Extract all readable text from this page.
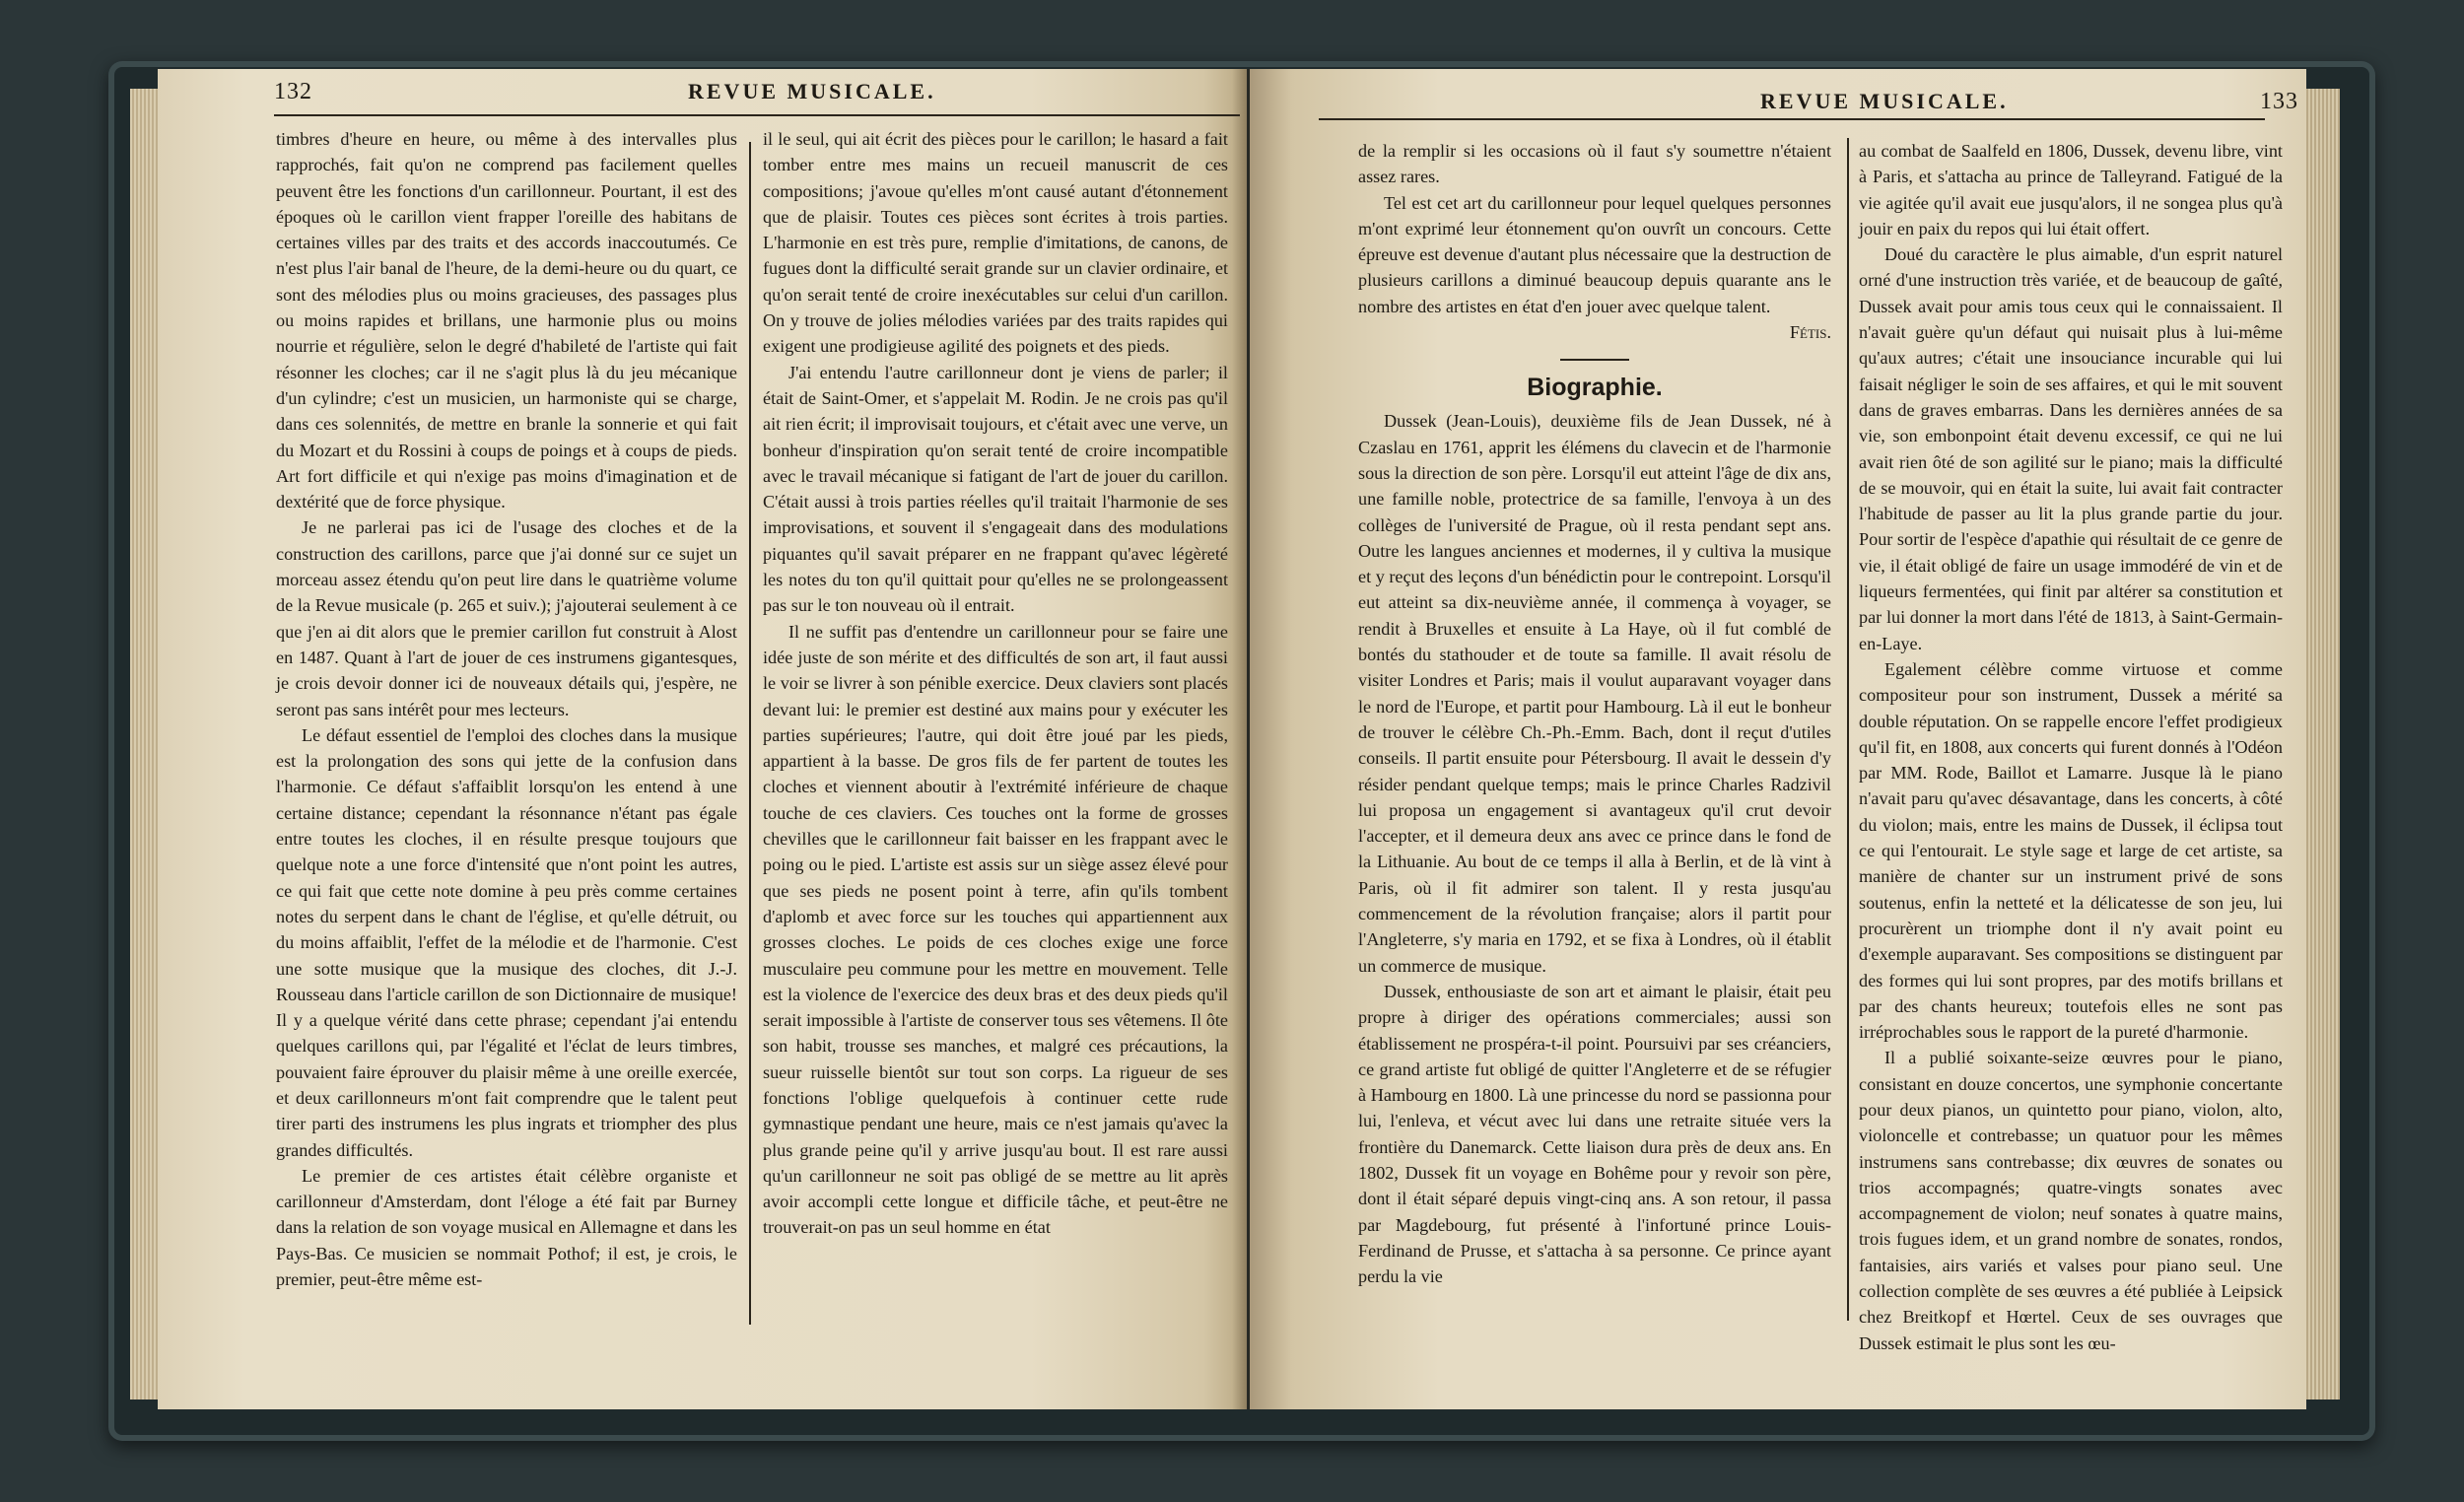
132	REVUE MUSICALE.

timbres d'heure en heure, ou même à des intervalles plus rapprochés, fait qu'on ne comprend pas facilement quelles peuvent être les fonctions d'un carillonneur. Pourtant, il est des époques où le carillon vient frapper l'oreille des habitans de certaines villes par des traits et des accords inaccoutumés. Ce n'est plus l'air banal de l'heure, de la demi-heure ou du quart, ce sont des mélodies plus ou moins gracieuses, des passages plus ou moins rapides et brillans, une harmonie plus ou moins nourrie et régulière, selon le degré d'habileté de l'artiste qui fait résonner les cloches; car il ne s'agit plus là du jeu mécanique d'un cylindre; c'est un musicien, un harmoniste qui se charge, dans ces solennités, de mettre en branle la sonnerie et qui fait du Mozart et du Rossini à coups de poings et à coups de pieds. Art fort difficile et qui n'exige pas moins d'imagination et de dextérité que de force physique.

Je ne parlerai pas ici de l'usage des cloches et de la construction des carillons, parce que j'ai donné sur ce sujet un morceau assez étendu qu'on peut lire dans le quatrième volume de la Revue musicale (p. 265 et suiv.); j'ajouterai seulement à ce que j'en ai dit alors que le premier carillon fut construit à Alost en 1487. Quant à l'art de jouer de ces instrumens gigantesques, je crois devoir donner ici de nouveaux détails qui, j'espère, ne seront pas sans intérêt pour mes lecteurs.

Le défaut essentiel de l'emploi des cloches dans la musique est la prolongation des sons qui jette de la confusion dans l'harmonie. Ce défaut s'affaiblit lorsqu'on les entend à une certaine distance; cependant la résonnance n'étant pas égale entre toutes les cloches, il en résulte presque toujours que quelque note a une force d'intensité que n'ont point les autres, ce qui fait que cette note domine à peu près comme certaines notes du serpent dans le chant de l'église, et qu'elle détruit, ou du moins affaiblit, l'effet de la mélodie et de l'harmonie. C'est une sotte musique que la musique des cloches, dit J.-J. Rousseau dans l'article carillon de son Dictionnaire de musique! Il y a quelque vérité dans cette phrase; cependant j'ai entendu quelques carillons qui, par l'égalité et l'éclat de leurs timbres, pouvaient faire éprouver du plaisir même à une oreille exercée, et deux carillonneurs m'ont fait comprendre que le talent peut tirer parti des instrumens les plus ingrats et triompher des plus grandes difficultés.

Le premier de ces artistes était célèbre organiste et carillonneur d'Amsterdam, dont l'éloge a été fait par Burney dans la relation de son voyage musical en Allemagne et dans les Pays-Bas. Ce musicien se nommait Pothof; il est, je crois, le premier, peut-être même est-

il le seul, qui ait écrit des pièces pour le carillon; le hasard a fait tomber entre mes mains un recueil manuscrit de ces compositions; j'avoue qu'elles m'ont causé autant d'étonnement que de plaisir. Toutes ces pièces sont écrites à trois parties. L'harmonie en est très pure, remplie d'imitations, de canons, de fugues dont la difficulté serait grande sur un clavier ordinaire, et qu'on serait tenté de croire inexécutables sur celui d'un carillon. On y trouve de jolies mélodies variées par des traits rapides qui exigent une prodigieuse agilité des poignets et des pieds.

J'ai entendu l'autre carillonneur dont je viens de parler; il était de Saint-Omer, et s'appelait M. Rodin. Je ne crois pas qu'il ait rien écrit; il improvisait toujours, et c'était avec une verve, un bonheur d'inspiration qu'on serait tenté de croire incompatible avec le travail mécanique si fatigant de l'art de jouer du carillon. C'était aussi à trois parties réelles qu'il traitait l'harmonie de ses improvisations, et souvent il s'engageait dans des modulations piquantes qu'il savait préparer en ne frappant qu'avec légèreté les notes du ton qu'il quittait pour qu'elles ne se prolongeassent pas sur le ton nouveau où il entrait.

Il ne suffit pas d'entendre un carillonneur pour se faire une idée juste de son mérite et des difficultés de son art, il faut aussi le voir se livrer à son pénible exercice. Deux claviers sont placés devant lui: le premier est destiné aux mains pour y exécuter les parties supérieures; l'autre, qui doit être joué par les pieds, appartient à la basse. De gros fils de fer partent de toutes les cloches et viennent aboutir à l'extrémité inférieure de chaque touche de ces claviers. Ces touches ont la forme de grosses chevilles que le carillonneur fait baisser en les frappant avec le poing ou le pied. L'artiste est assis sur un siège assez élevé pour que ses pieds ne posent point à terre, afin qu'ils tombent d'aplomb et avec force sur les touches qui appartiennent aux grosses cloches. Le poids de ces cloches exige une force musculaire peu commune pour les mettre en mouvement. Telle est la violence de l'exercice des deux bras et des deux pieds qu'il serait impossible à l'artiste de conserver tous ses vêtemens. Il ôte son habit, trousse ses manches, et malgré ces précautions, la sueur ruisselle bientôt sur tout son corps. La rigueur de ses fonctions l'oblige quelquefois à continuer cette rude gymnastique pendant une heure, mais ce n'est jamais qu'avec la plus grande peine qu'il y arrive jusqu'au bout. Il est rare aussi qu'un carillonneur ne soit pas obligé de se mettre au lit après avoir accompli cette longue et difficile tâche, et peut-être ne trouverait-on pas un seul homme en état

REVUE MUSICALE.	133

de la remplir si les occasions où il faut s'y soumettre n'étaient assez rares.

Tel est cet art du carillonneur pour lequel quelques personnes m'ont exprimé leur étonnement qu'on ouvrît un concours. Cette épreuve est devenue d'autant plus nécessaire que la destruction de plusieurs carillons a diminué beaucoup depuis quarante ans le nombre des artistes en état d'en jouer avec quelque talent.

Fétis.

Biographie.

Dussek (Jean-Louis), deuxième fils de Jean Dussek, né à Czaslau en 1761, apprit les élémens du clavecin et de l'harmonie sous la direction de son père. Lorsqu'il eut atteint l'âge de dix ans, une famille noble, protectrice de sa famille, l'envoya à un des collèges de l'université de Prague, où il resta pendant sept ans. Outre les langues anciennes et modernes, il y cultiva la musique et y reçut des leçons d'un bénédictin pour le contrepoint. Lorsqu'il eut atteint sa dix-neuvième année, il commença à voyager, se rendit à Bruxelles et ensuite à La Haye, où il fut comblé de bontés du stathouder et de toute sa famille. Il avait résolu de visiter Londres et Paris; mais il voulut auparavant voyager dans le nord de l'Europe, et partit pour Hambourg. Là il eut le bonheur de trouver le célèbre Ch.-Ph.-Emm. Bach, dont il reçut d'utiles conseils. Il partit ensuite pour Pétersbourg. Il avait le dessein d'y résider pendant quelque temps; mais le prince Charles Radzivil lui proposa un engagement si avantageux qu'il crut devoir l'accepter, et il demeura deux ans avec ce prince dans le fond de la Lithuanie. Au bout de ce temps il alla à Berlin, et de là vint à Paris, où il fit admirer son talent. Il y resta jusqu'au commencement de la révolution française; alors il partit pour l'Angleterre, s'y maria en 1792, et se fixa à Londres, où il établit un commerce de musique.

Dussek, enthousiaste de son art et aimant le plaisir, était peu propre à diriger des opérations commerciales; aussi son établissement ne prospéra-t-il point. Poursuivi par ses créanciers, ce grand artiste fut obligé de quitter l'Angleterre et de se réfugier à Hambourg en 1800. Là une princesse du nord se passionna pour lui, l'enleva, et vécut avec lui dans une retraite située vers la frontière du Danemarck. Cette liaison dura près de deux ans. En 1802, Dussek fit un voyage en Bohême pour y revoir son père, dont il était séparé depuis vingt-cinq ans. A son retour, il passa par Magdebourg, fut présenté à l'infortuné prince Louis-Ferdinand de Prusse, et s'attacha à sa personne. Ce prince ayant perdu la vie

au combat de Saalfeld en 1806, Dussek, devenu libre, vint à Paris, et s'attacha au prince de Talleyrand. Fatigué de la vie agitée qu'il avait eue jusqu'alors, il ne songea plus qu'à jouir en paix du repos qui lui était offert.

Doué du caractère le plus aimable, d'un esprit naturel orné d'une instruction très variée, et de beaucoup de gaîté, Dussek avait pour amis tous ceux qui le connaissaient. Il n'avait guère qu'un défaut qui nuisait plus à lui-même qu'aux autres; c'était une insouciance incurable qui lui faisait négliger le soin de ses affaires, et qui le mit souvent dans de graves embarras. Dans les dernières années de sa vie, son embonpoint était devenu excessif, ce qui ne lui avait rien ôté de son agilité sur le piano; mais la difficulté de se mouvoir, qui en était la suite, lui avait fait contracter l'habitude de passer au lit la plus grande partie du jour. Pour sortir de l'espèce d'apathie qui résultait de ce genre de vie, il était obligé de faire un usage immodéré de vin et de liqueurs fermentées, qui finit par altérer sa constitution et par lui donner la mort dans l'été de 1813, à Saint-Germain-en-Laye.

Egalement célèbre comme virtuose et comme compositeur pour son instrument, Dussek a mérité sa double réputation. On se rappelle encore l'effet prodigieux qu'il fit, en 1808, aux concerts qui furent donnés à l'Odéon par MM. Rode, Baillot et Lamarre. Jusque là le piano n'avait paru qu'avec désavantage, dans les concerts, à côté du violon; mais, entre les mains de Dussek, il éclipsa tout ce qui l'entourait. Le style sage et large de cet artiste, sa manière de chanter sur un instrument privé de sons soutenus, enfin la netteté et la délicatesse de son jeu, lui procurèrent un triomphe dont il n'y avait point eu d'exemple auparavant. Ses compositions se distinguent par des formes qui lui sont propres, par des motifs brillans et par des chants heureux; toutefois elles ne sont pas irréprochables sous le rapport de la pureté d'harmonie.

Il a publié soixante-seize œuvres pour le piano, consistant en douze concertos, une symphonie concertante pour deux pianos, un quintetto pour piano, violon, alto, violoncelle et contrebasse; un quatuor pour les mêmes instrumens sans contrebasse; dix œuvres de sonates ou trios accompagnés; quatre-vingts sonates avec accompagnement de violon; neuf sonates à quatre mains, trois fugues idem, et un grand nombre de sonates, rondos, fantaisies, airs variés et valses pour piano seul. Une collection complète de ses œuvres a été publiée à Leipsick chez Breitkopf et Hœrtel. Ceux de ses ouvrages que Dussek estimait le plus sont les œu-
